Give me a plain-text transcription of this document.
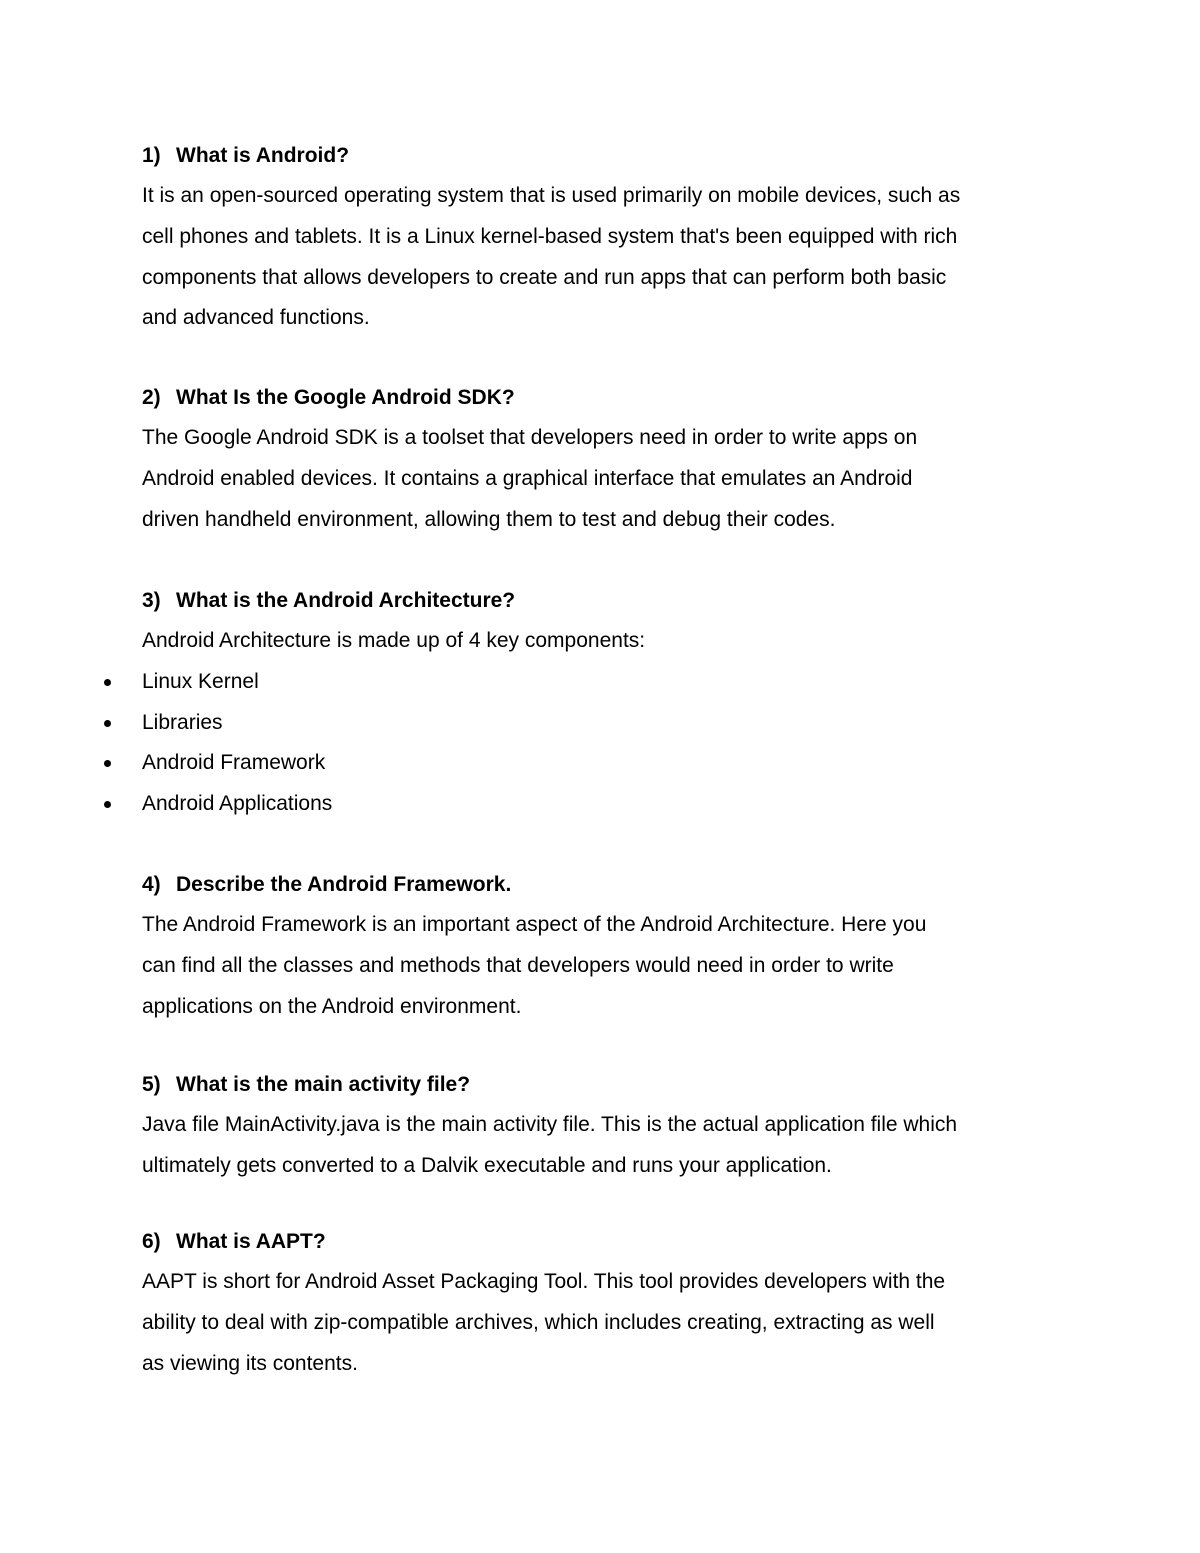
1) What is Android?
It is an open-sourced operating system that is used primarily on mobile devices, such as
cell phones and tablets. It is a Linux kernel-based system that's been equipped with rich
components that allows developers to create and run apps that can perform both basic
and advanced functions.
2) What Is the Google Android SDK?
The Google Android SDK is a toolset that developers need in order to write apps on
Android enabled devices. It contains a graphical interface that emulates an Android
driven handheld environment, allowing them to test and debug their codes.
3) What is the Android Architecture?
Android Architecture is made up of 4 key components:
Linux Kernel
Libraries
Android Framework
Android Applications
4) Describe the Android Framework.
The Android Framework is an important aspect of the Android Architecture. Here you
can find all the classes and methods that developers would need in order to write
applications on the Android environment.
5) What is the main activity file?
Java file MainActivity.java is the main activity file. This is the actual application file which
ultimately gets converted to a Dalvik executable and runs your application.
6) What is AAPT?
AAPT is short for Android Asset Packaging Tool. This tool provides developers with the
ability to deal with zip-compatible archives, which includes creating, extracting as well
as viewing its contents.
